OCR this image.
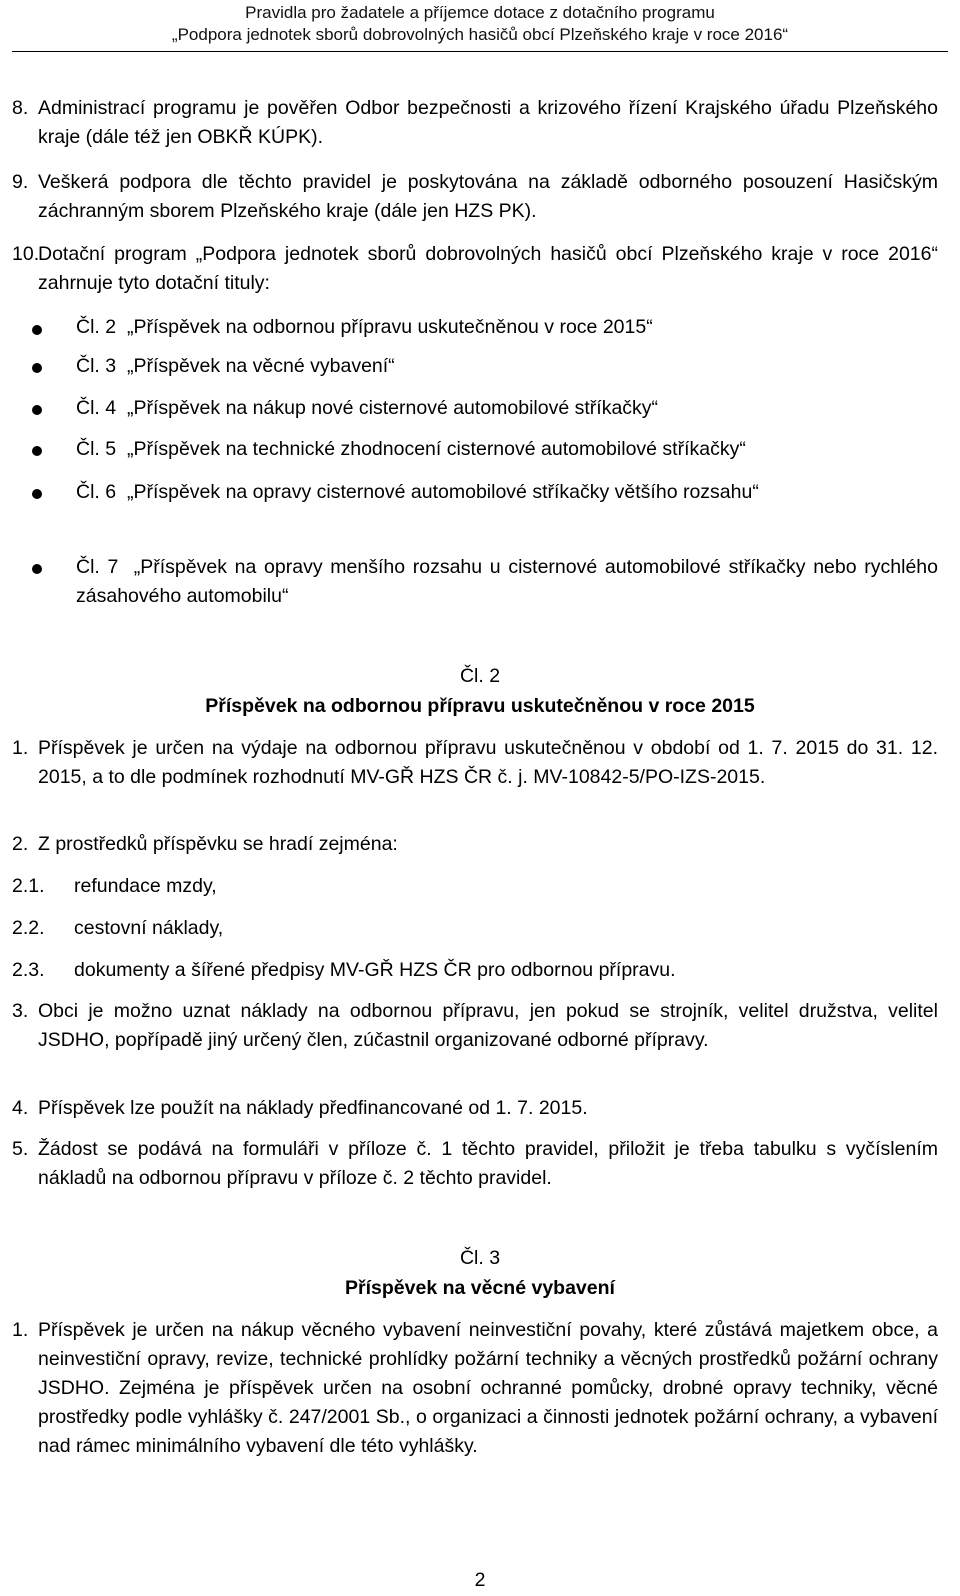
Pravidla pro žadatele a příjemce dotace z dotačního programu
„Podpora jednotek sborů dobrovolných hasičů obcí Plzeňského kraje v roce 2016“
8. Administrací programu je pověřen Odbor bezpečnosti a krizového řízení Krajského úřadu Plzeňského kraje (dále též jen OBKŘ KÚPK).
9. Veškerá podpora dle těchto pravidel je poskytována na základě odborného posouzení Hasičským záchranným sborem Plzeňského kraje (dále jen HZS PK).
10.
Dotační program „Podpora jednotek sborů dobrovolných hasičů obcí Plzeňského kraje v roce 2016“ zahrnuje tyto dotační tituly:
Čl. 2 „Příspěvek na odbornou přípravu uskutečněnou v roce 2015“
Čl. 3 „Příspěvek na věcné vybavení“
Čl. 4 „Příspěvek na nákup nové cisternové automobilové stříkačky“
Čl. 5 „Příspěvek na technické zhodnocení cisternové automobilové stříkačky“
Čl. 6 „Příspěvek na opravy cisternové automobilové stříkačky většího rozsahu“
Čl. 7 „Příspěvek na opravy menšího rozsahu u cisternové automobilové stříkačky nebo rychlého zásahového automobilu“
Čl. 2
Příspěvek na odbornou přípravu uskutečněnou v roce 2015
1. Příspěvek je určen na výdaje na odbornou přípravu uskutečněnou v období od 1. 7. 2015 do 31. 12. 2015, a to dle podmínek rozhodnutí MV-GŘ HZS ČR č. j. MV-10842-5/PO-IZS-2015.
2. Z prostředků příspěvku se hradí zejména:
2.1. refundace mzdy,
2.2. cestovní náklady,
2.3. dokumenty a šířené předpisy MV-GŘ HZS ČR pro odbornou přípravu.
3. Obci je možno uznat náklady na odbornou přípravu, jen pokud se strojník, velitel družstva, velitel JSDHO, popřípadě jiný určený člen, zúčastnil organizované odborné přípravy.
4. Příspěvek lze použít na náklady předfinancované od 1. 7. 2015.
5. Žádost se podává na formuláři v příloze č. 1 těchto pravidel, přiložit je třeba tabulku s vyčíslením nákladů na odbornou přípravu v příloze č. 2 těchto pravidel.
Čl. 3
Příspěvek na věcné vybavení
1. Příspěvek je určen na nákup věcného vybavení neinvestiční povahy, které zůstává majetkem obce, a neinvestiční opravy, revize, technické prohlídky požární techniky a věcných prostředků požární ochrany JSDHO. Zejména je příspěvek určen na osobní ochranné pomůcky, drobné opravy techniky, věcné prostředky podle vyhlášky č. 247/2001 Sb., o organizaci a činnosti jednotek požární ochrany, a vybavení nad rámec minimálního vybavení dle této vyhlášky.
2
